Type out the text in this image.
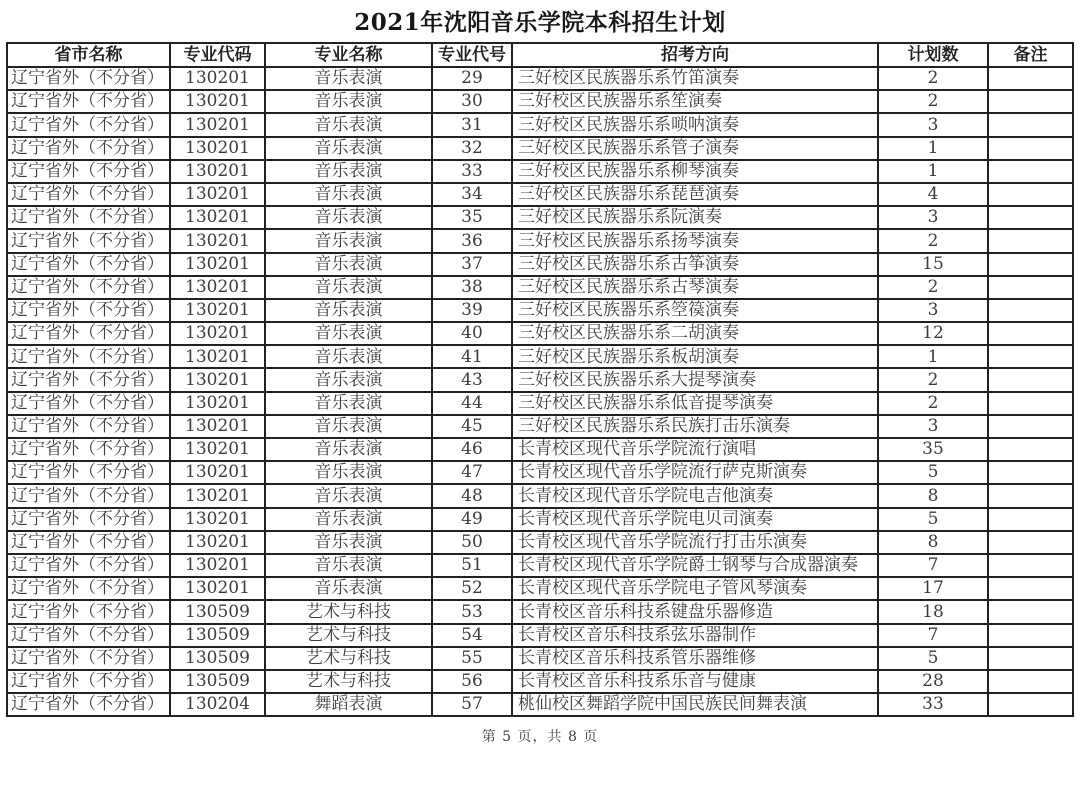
2021年沈阳音乐学院本科招生计划
省市名称	专业代码	专业名称	专业代号	招考方向	计划数	备注
辽宁省外（不分省）	130201	音乐表演	29	三好校区民族器乐系竹笛演奏	2	
辽宁省外（不分省）	130201	音乐表演	30	三好校区民族器乐系笙演奏	2	
辽宁省外（不分省）	130201	音乐表演	31	三好校区民族器乐系唢呐演奏	3	
辽宁省外（不分省）	130201	音乐表演	32	三好校区民族器乐系管子演奏	1	
辽宁省外（不分省）	130201	音乐表演	33	三好校区民族器乐系柳琴演奏	1	
辽宁省外（不分省）	130201	音乐表演	34	三好校区民族器乐系琵琶演奏	4	
辽宁省外（不分省）	130201	音乐表演	35	三好校区民族器乐系阮演奏	3	
辽宁省外（不分省）	130201	音乐表演	36	三好校区民族器乐系扬琴演奏	2	
辽宁省外（不分省）	130201	音乐表演	37	三好校区民族器乐系古筝演奏	15	
辽宁省外（不分省）	130201	音乐表演	38	三好校区民族器乐系古琴演奏	2	
辽宁省外（不分省）	130201	音乐表演	39	三好校区民族器乐系箜篌演奏	3	
辽宁省外（不分省）	130201	音乐表演	40	三好校区民族器乐系二胡演奏	12	
辽宁省外（不分省）	130201	音乐表演	41	三好校区民族器乐系板胡演奏	1	
辽宁省外（不分省）	130201	音乐表演	43	三好校区民族器乐系大提琴演奏	2	
辽宁省外（不分省）	130201	音乐表演	44	三好校区民族器乐系低音提琴演奏	2	
辽宁省外（不分省）	130201	音乐表演	45	三好校区民族器乐系民族打击乐演奏	3	
辽宁省外（不分省）	130201	音乐表演	46	长青校区现代音乐学院流行演唱	35	
辽宁省外（不分省）	130201	音乐表演	47	长青校区现代音乐学院流行萨克斯演奏	5	
辽宁省外（不分省）	130201	音乐表演	48	长青校区现代音乐学院电吉他演奏	8	
辽宁省外（不分省）	130201	音乐表演	49	长青校区现代音乐学院电贝司演奏	5	
辽宁省外（不分省）	130201	音乐表演	50	长青校区现代音乐学院流行打击乐演奏	8	
辽宁省外（不分省）	130201	音乐表演	51	长青校区现代音乐学院爵士钢琴与合成器演奏	7	
辽宁省外（不分省）	130201	音乐表演	52	长青校区现代音乐学院电子管风琴演奏	17	
辽宁省外（不分省）	130509	艺术与科技	53	长青校区音乐科技系键盘乐器修造	18	
辽宁省外（不分省）	130509	艺术与科技	54	长青校区音乐科技系弦乐器制作	7	
辽宁省外（不分省）	130509	艺术与科技	55	长青校区音乐科技系管乐器维修	5	
辽宁省外（不分省）	130509	艺术与科技	56	长青校区音乐科技系乐音与健康	28	
辽宁省外（不分省）	130204	舞蹈表演	57	桃仙校区舞蹈学院中国民族民间舞表演	33	
第 5 页，共 8 页
